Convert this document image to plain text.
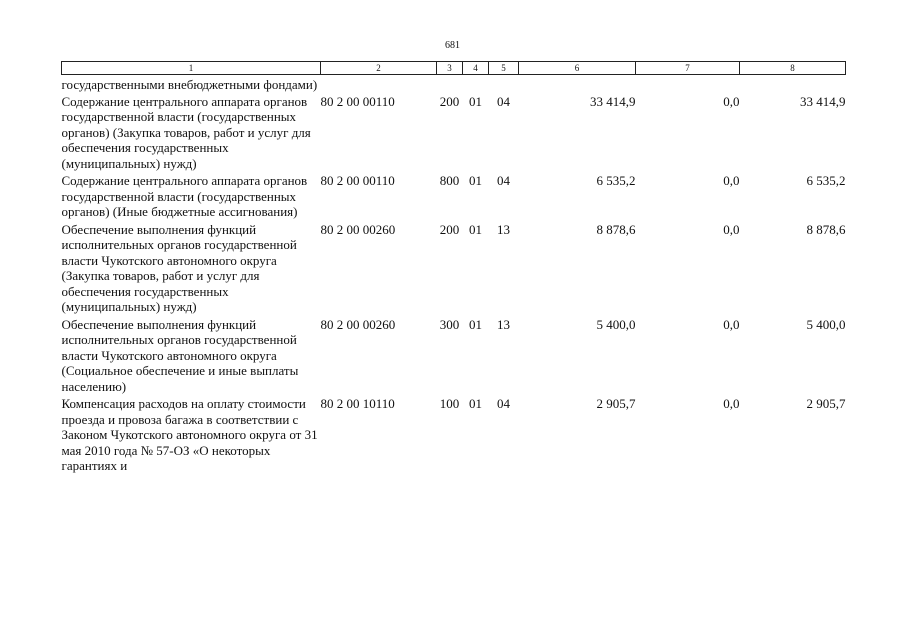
681
1	2	3	4	5	6	7	8
государственными внебюджетными фондами)							
Содержание центрального аппарата органов государственной власти (государственных органов) (Закупка товаров, работ и услуг для обеспечения государственных (муниципальных) нужд)	80 2 00 00110	200	01	04	33 414,9	0,0	33 414,9
Содержание центрального аппарата органов государственной власти (государственных органов) (Иные бюджетные ассигнования)	80 2 00 00110	800	01	04	6 535,2	0,0	6 535,2
Обеспечение выполнения функций исполнительных органов государственной власти Чукотского автономного округа (Закупка товаров, работ и услуг для обеспечения государственных (муниципальных) нужд)	80 2 00 00260	200	01	13	8 878,6	0,0	8 878,6
Обеспечение выполнения функций исполнительных органов государственной власти Чукотского автономного округа (Социальное обеспечение и иные выплаты населению)	80 2 00 00260	300	01	13	5 400,0	0,0	5 400,0
Компенсация расходов на оплату стоимости проезда и провоза багажа в соответствии с Законом Чукотского автономного округа от 31 мая 2010 года № 57-ОЗ «О некоторых гарантиях и	80 2 00 10110	100	01	04	2 905,7	0,0	2 905,7
